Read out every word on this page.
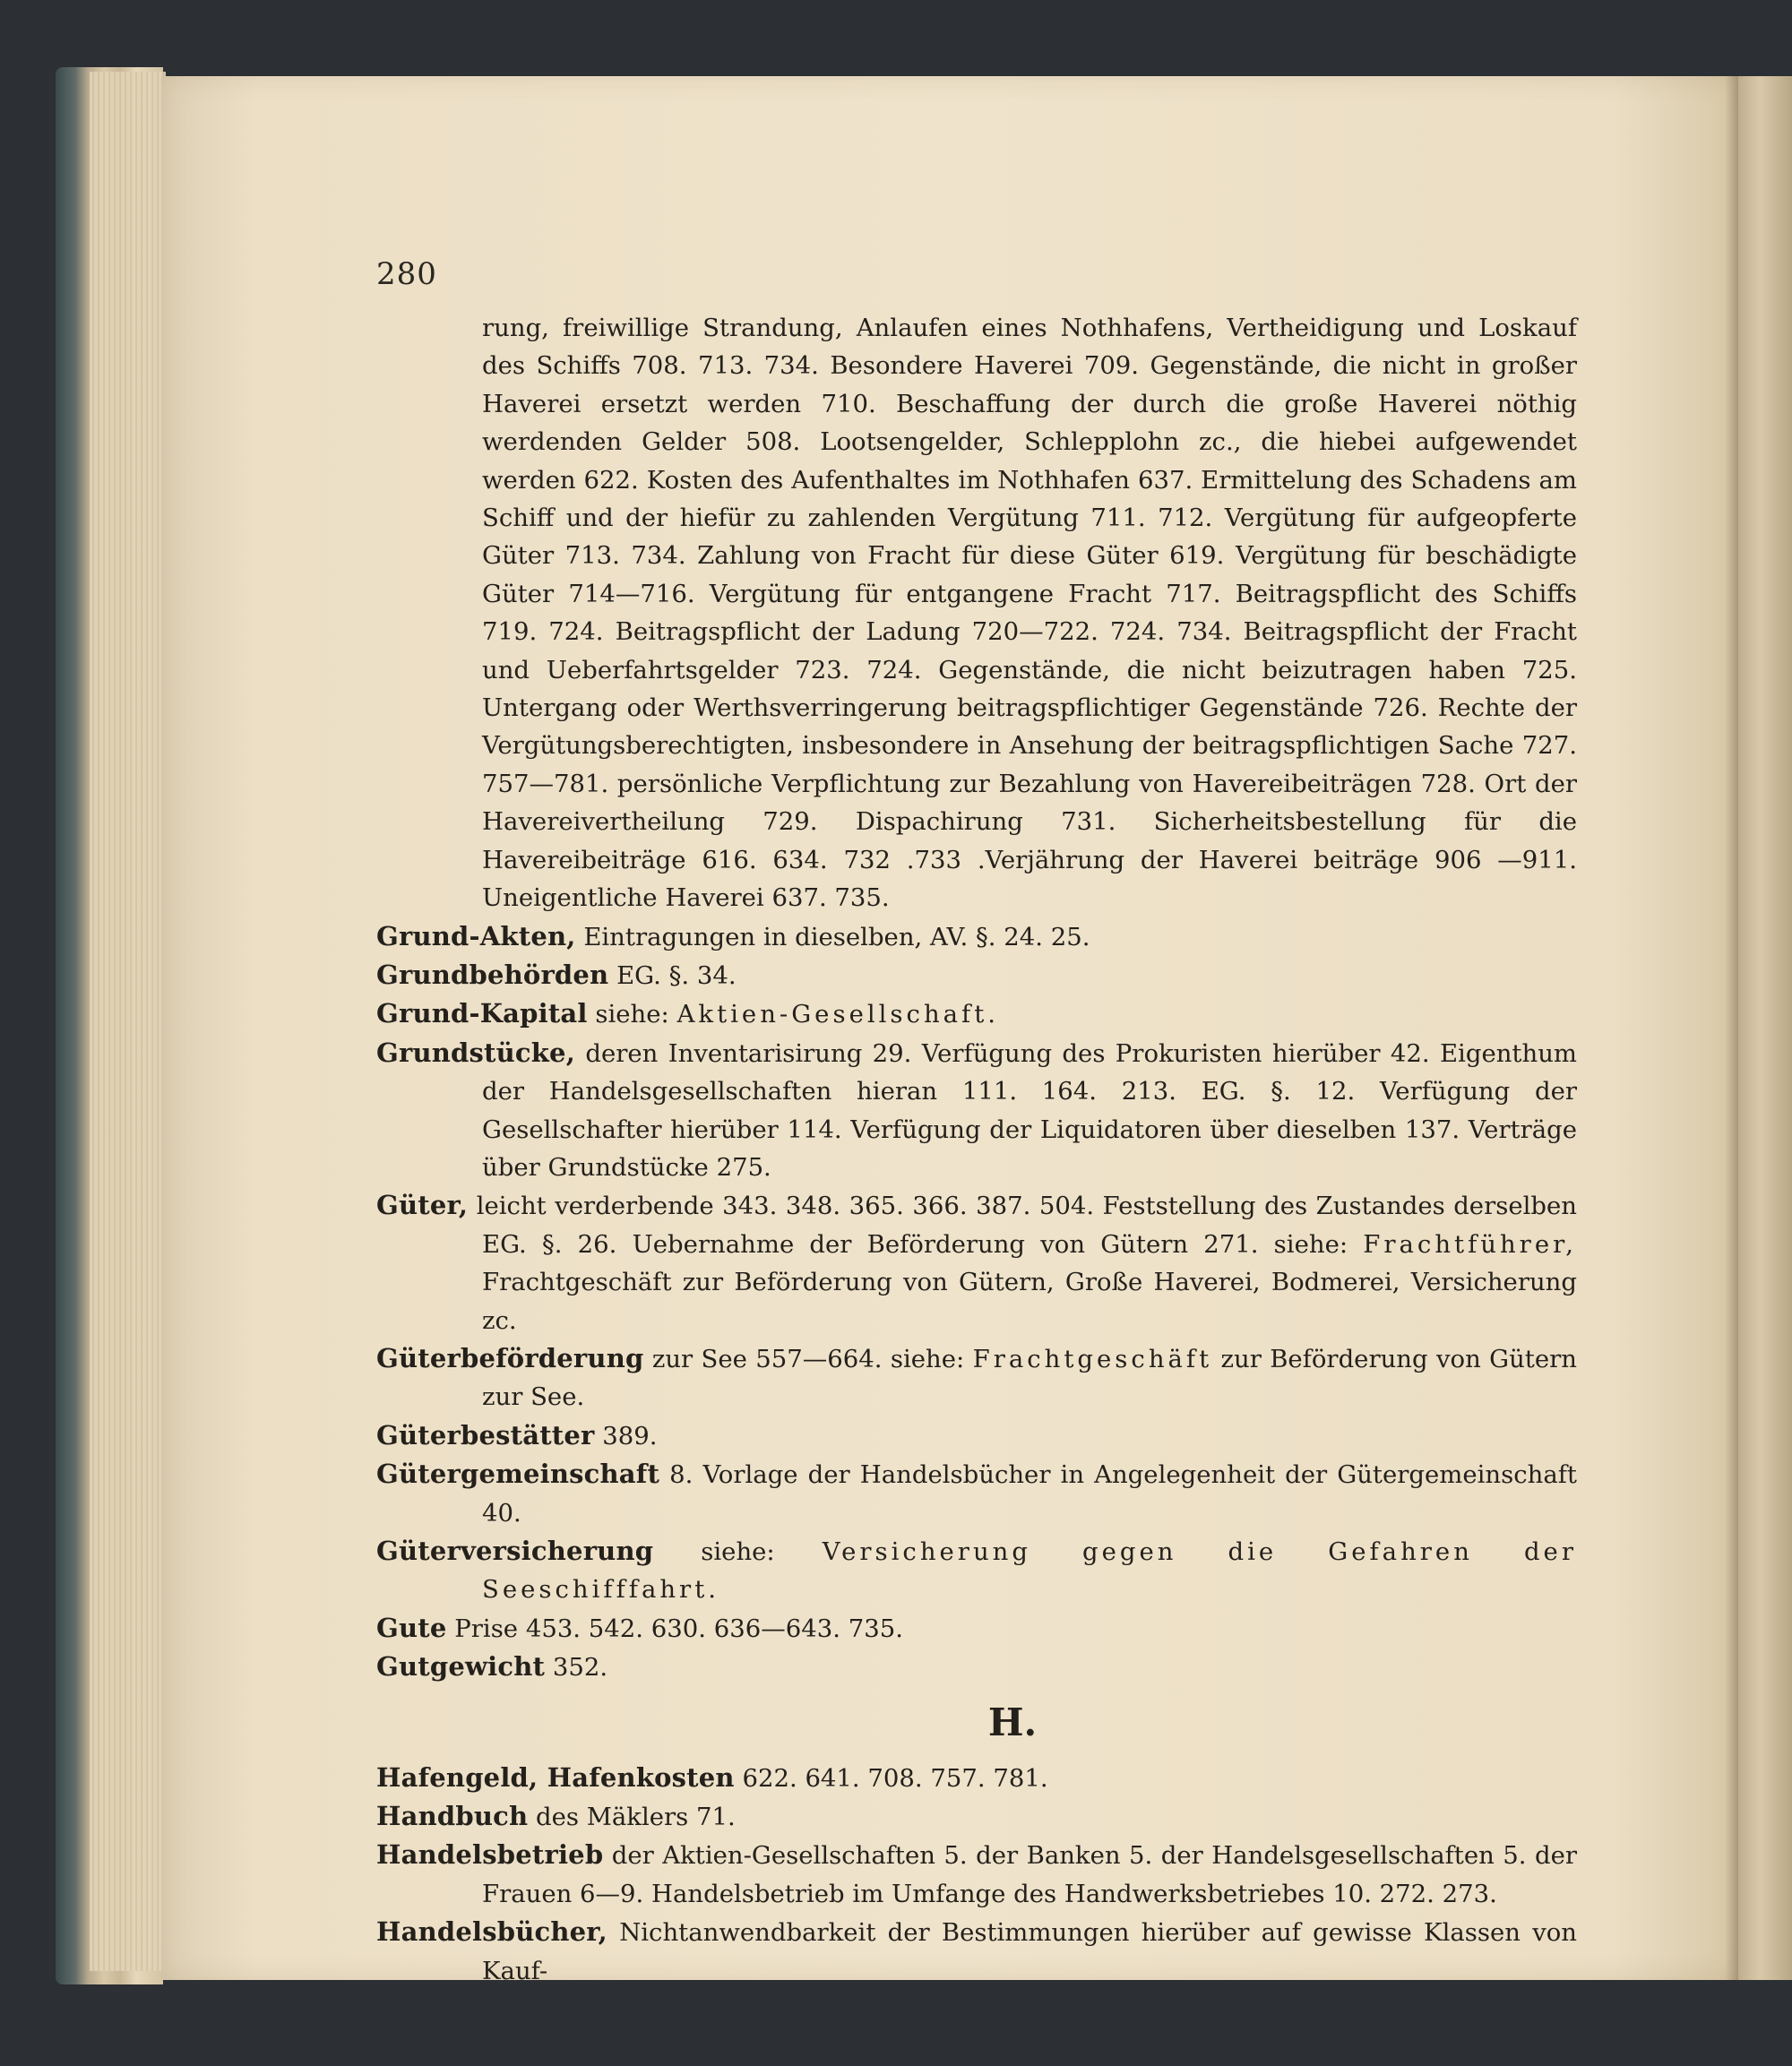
280

rung, freiwillige Strandung, Anlaufen eines Nothhafens, Vertheidigung und Loskauf des Schiffs 708. 713. 734. Besondere Haverei 709. Gegenstände, die nicht in großer Haverei ersetzt werden 710. Beschaffung der durch die große Haverei nöthig werdenden Gelder 508. Lootsengelder, Schlepplohn zc., die hiebei aufgewendet werden 622. Kosten des Aufenthaltes im Nothhafen 637. Ermittelung des Schadens am Schiff und der hiefür zu zahlenden Vergütung 711. 712. Vergütung für aufgeopferte Güter 713. 734. Zahlung von Fracht für diese Güter 619. Vergütung für beschädigte Güter 714—716. Vergütung für entgangene Fracht 717. Beitragspflicht des Schiffs 719. 724. Beitragspflicht der Ladung 720—722. 724. 734. Beitragspflicht der Fracht und Ueberfahrtsgelder 723. 724. Gegenstände, die nicht beizutragen haben 725. Untergang oder Werthsverringerung beitragspflichtiger Gegenstände 726. Rechte der Vergütungsberechtigten, insbesondere in Ansehung der beitragspflichtigen Sache 727. 757—781. persönliche Verpflichtung zur Bezahlung von Havereibeiträgen 728. Ort der Havereivertheilung 729. Dispachirung 731. Sicherheitsbestellung für die Havereibeiträge 616. 634. 732 .733 .Verjährung der Haverei beiträge 906 —911. Uneigentliche Haverei 637. 735.

Grund-Akten, Eintragungen in dieselben, AV. §. 24. 25.

Grundbehörden EG. §. 34.

Grund-Kapital siehe: Aktien-Gesellschaft.

Grundstücke, deren Inventarisirung 29. Verfügung des Prokuristen hierüber 42. Eigenthum der Handelsgesellschaften hieran 111. 164. 213. EG. §. 12. Verfügung der Gesellschafter hierüber 114. Verfügung der Liquidatoren über dieselben 137. Verträge über Grundstücke 275.

Güter, leicht verderbende 343. 348. 365. 366. 387. 504. Feststellung des Zustandes derselben EG. §. 26. Uebernahme der Beförderung von Gütern 271. siehe: Frachtführer, Frachtgeschäft zur Beförderung von Gütern, Große Haverei, Bodmerei, Versicherung zc.

Güterbeförderung zur See 557—664. siehe: Frachtgeschäft zur Beförderung von Gütern zur See.

Güterbestätter 389.

Gütergemeinschaft 8. Vorlage der Handelsbücher in Angelegenheit der Gütergemeinschaft 40.

Güterversicherung siehe: Versicherung gegen die Gefahren der Seeschifffahrt.

Gute Prise 453. 542. 630. 636—643. 735.

Gutgewicht 352.

H.

Hafengeld, Hafenkosten 622. 641. 708. 757. 781.

Handbuch des Mäklers 71.

Handelsbetrieb der Aktien-Gesellschaften 5. der Banken 5. der Handelsgesellschaften 5. der Frauen 6—9. Handelsbetrieb im Umfange des Handwerksbetriebes 10. 272. 273.

Handelsbücher, Nichtanwendbarkeit der Bestimmungen hierüber auf gewisse Klassen von Kauf-
